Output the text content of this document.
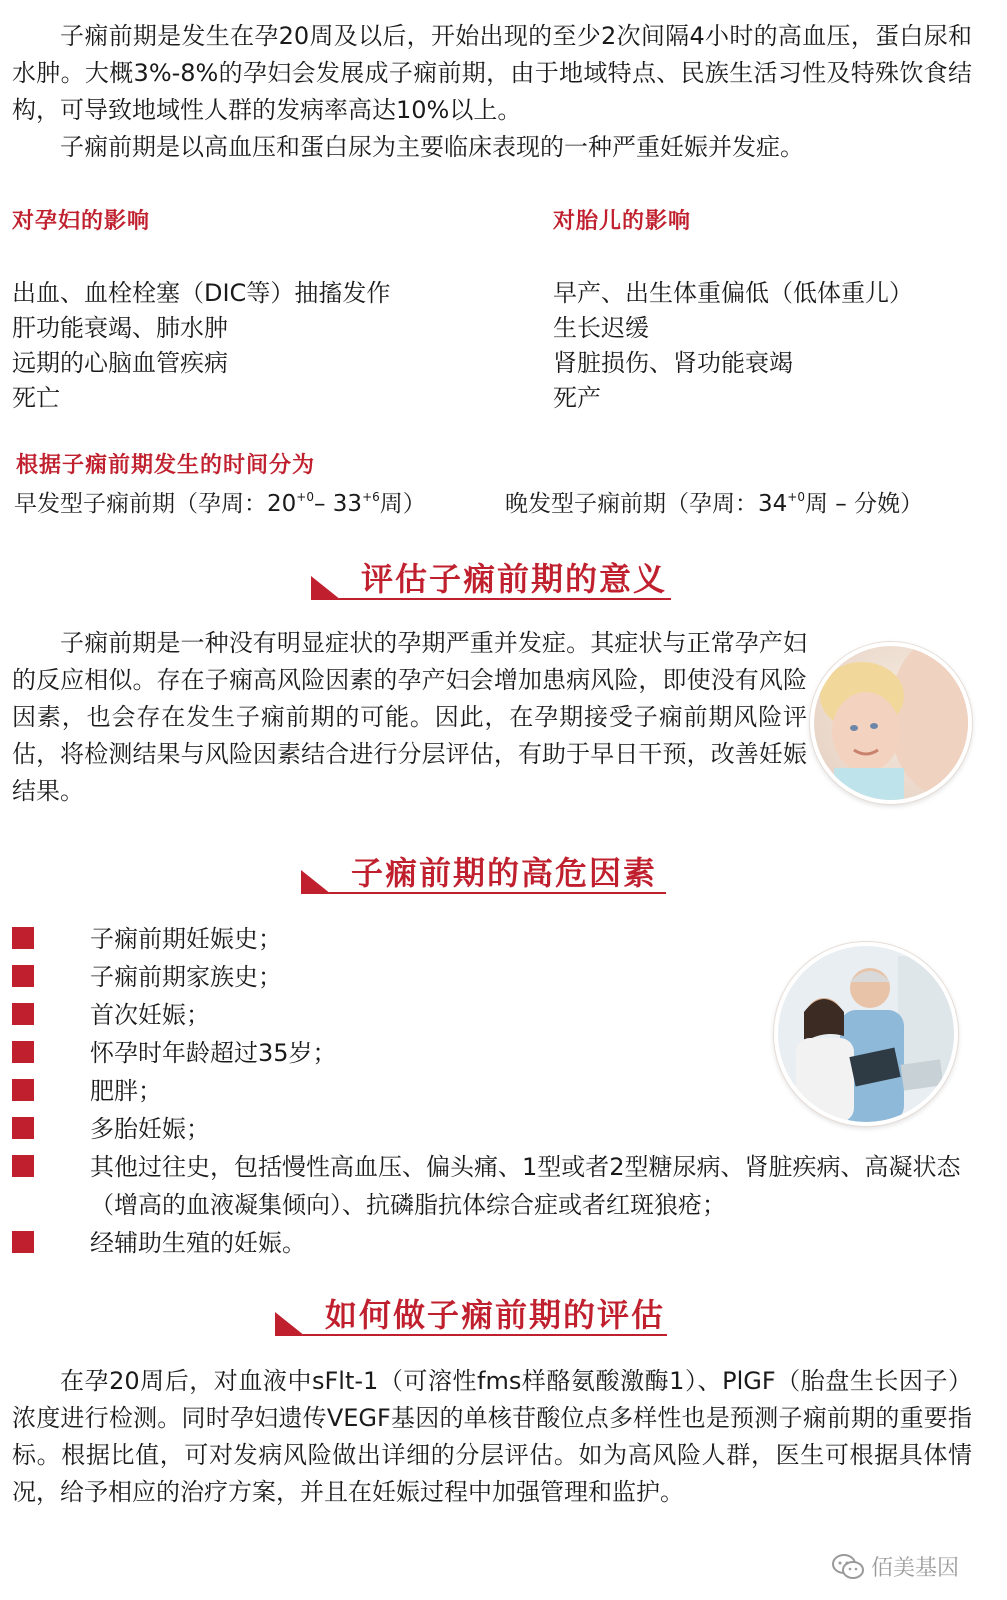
子痫前期是发生在孕20周及以后，开始出现的至少2次间隔4小时的高血压，蛋白尿和水肿。大概3%-8%的孕妇会发展成子痫前期，由于地域特点、民族生活习性及特殊饮食结构，可导致地域性人群的发病率高达10%以上。

子痫前期是以高血压和蛋白尿为主要临床表现的一种严重妊娠并发症。

对孕妇的影响
出血、血栓栓塞（DIC等）抽搐发作
肝功能衰竭、肺水肿
远期的心脑血管疾病
死亡
对胎儿的影响
早产、出生体重偏低（低体重儿）
生长迟缓
肾脏损伤、肾功能衰竭
死产
根据子痫前期发生的时间分为
早发型子痫前期（孕周：$20^{+0}-$ $33^{+6}$周）	晚发型子痫前期（孕周：$34^{+0}$周 – 分娩）
评估子痫前期的意义

子痫前期是一种没有明显症状的孕期严重并发症。其症状与正常孕产妇的反应相似。存在子痫高风险因素的孕产妇会增加患病风险，即使没有风险因素，也会存在发生子痫前期的可能。因此，在孕期接受子痫前期风险评估，将检测结果与风险因素结合进行分层评估，有助于早日干预，改善妊娠结果。

子痫前期的高危因素
子痫前期妊娠史；
子痫前期家族史；
首次妊娠；
怀孕时年龄超过35岁；
肥胖；
多胎妊娠；
其他过往史，包括慢性高血压、偏头痛、1型或者2型糖尿病、肾脏疾病、高凝状态（增高的血液凝集倾向）、抗磷脂抗体综合症或者红斑狼疮；
经辅助生殖的妊娠。
如何做子痫前期的评估

在孕20周后，对血液中sFlt-1（可溶性fms样酪氨酸激酶1）、PlGF（胎盘生长因子）浓度进行检测。同时孕妇遗传VEGF基因的单核苷酸位点多样性也是预测子痫前期的重要指标。根据比值，可对发病风险做出详细的分层评估。如为高风险人群，医生可根据具体情况，给予相应的治疗方案，并且在妊娠过程中加强管理和监护。

佰美基因
